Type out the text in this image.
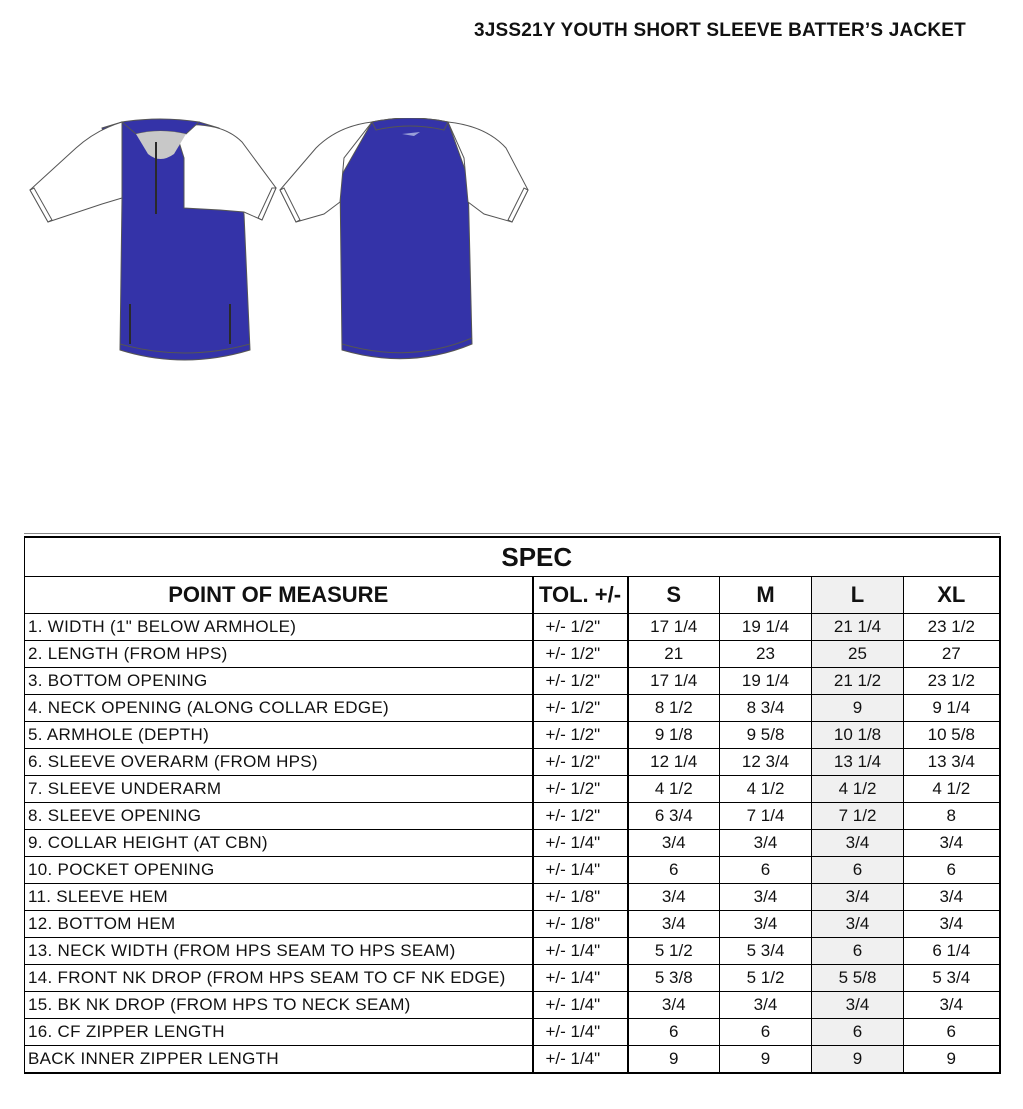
3JSS21Y YOUTH SHORT SLEEVE BATTER’S JACKET
SPEC					
POINT OF MEASURE	TOL. +/-	S	M	L	XL
1. WIDTH (1" BELOW ARMHOLE)	+/- 1/2"	17 1/4	19 1/4	21 1/4	23 1/2
2. LENGTH (FROM HPS)	+/- 1/2"	21	23	25	27
3. BOTTOM OPENING	+/- 1/2"	17 1/4	19 1/4	21 1/2	23 1/2
4. NECK OPENING (ALONG COLLAR EDGE)	+/- 1/2"	8 1/2	8 3/4	9	9 1/4
5. ARMHOLE (DEPTH)	+/- 1/2"	9 1/8	9 5/8	10 1/8	10 5/8
6. SLEEVE OVERARM (FROM HPS)	+/- 1/2"	12 1/4	12 3/4	13 1/4	13 3/4
7. SLEEVE UNDERARM	+/- 1/2"	4 1/2	4 1/2	4 1/2	4 1/2
8. SLEEVE OPENING	+/- 1/2"	6 3/4	7 1/4	7 1/2	8
9. COLLAR HEIGHT (AT CBN)	+/- 1/4"	3/4	3/4	3/4	3/4
10. POCKET OPENING	+/- 1/4"	6	6	6	6
11. SLEEVE HEM	+/- 1/8"	3/4	3/4	3/4	3/4
12. BOTTOM HEM	+/- 1/8"	3/4	3/4	3/4	3/4
13. NECK WIDTH (FROM HPS SEAM TO HPS SEAM)	+/- 1/4"	5 1/2	5 3/4	6	6 1/4
14. FRONT NK DROP (FROM HPS SEAM TO CF NK EDGE)	+/- 1/4"	5 3/8	5 1/2	5 5/8	5 3/4
15. BK NK DROP (FROM HPS TO NECK SEAM)	+/- 1/4"	3/4	3/4	3/4	3/4
16. CF ZIPPER LENGTH	+/- 1/4"	6	6	6	6
BACK INNER ZIPPER LENGTH	+/- 1/4"	9	9	9	9
